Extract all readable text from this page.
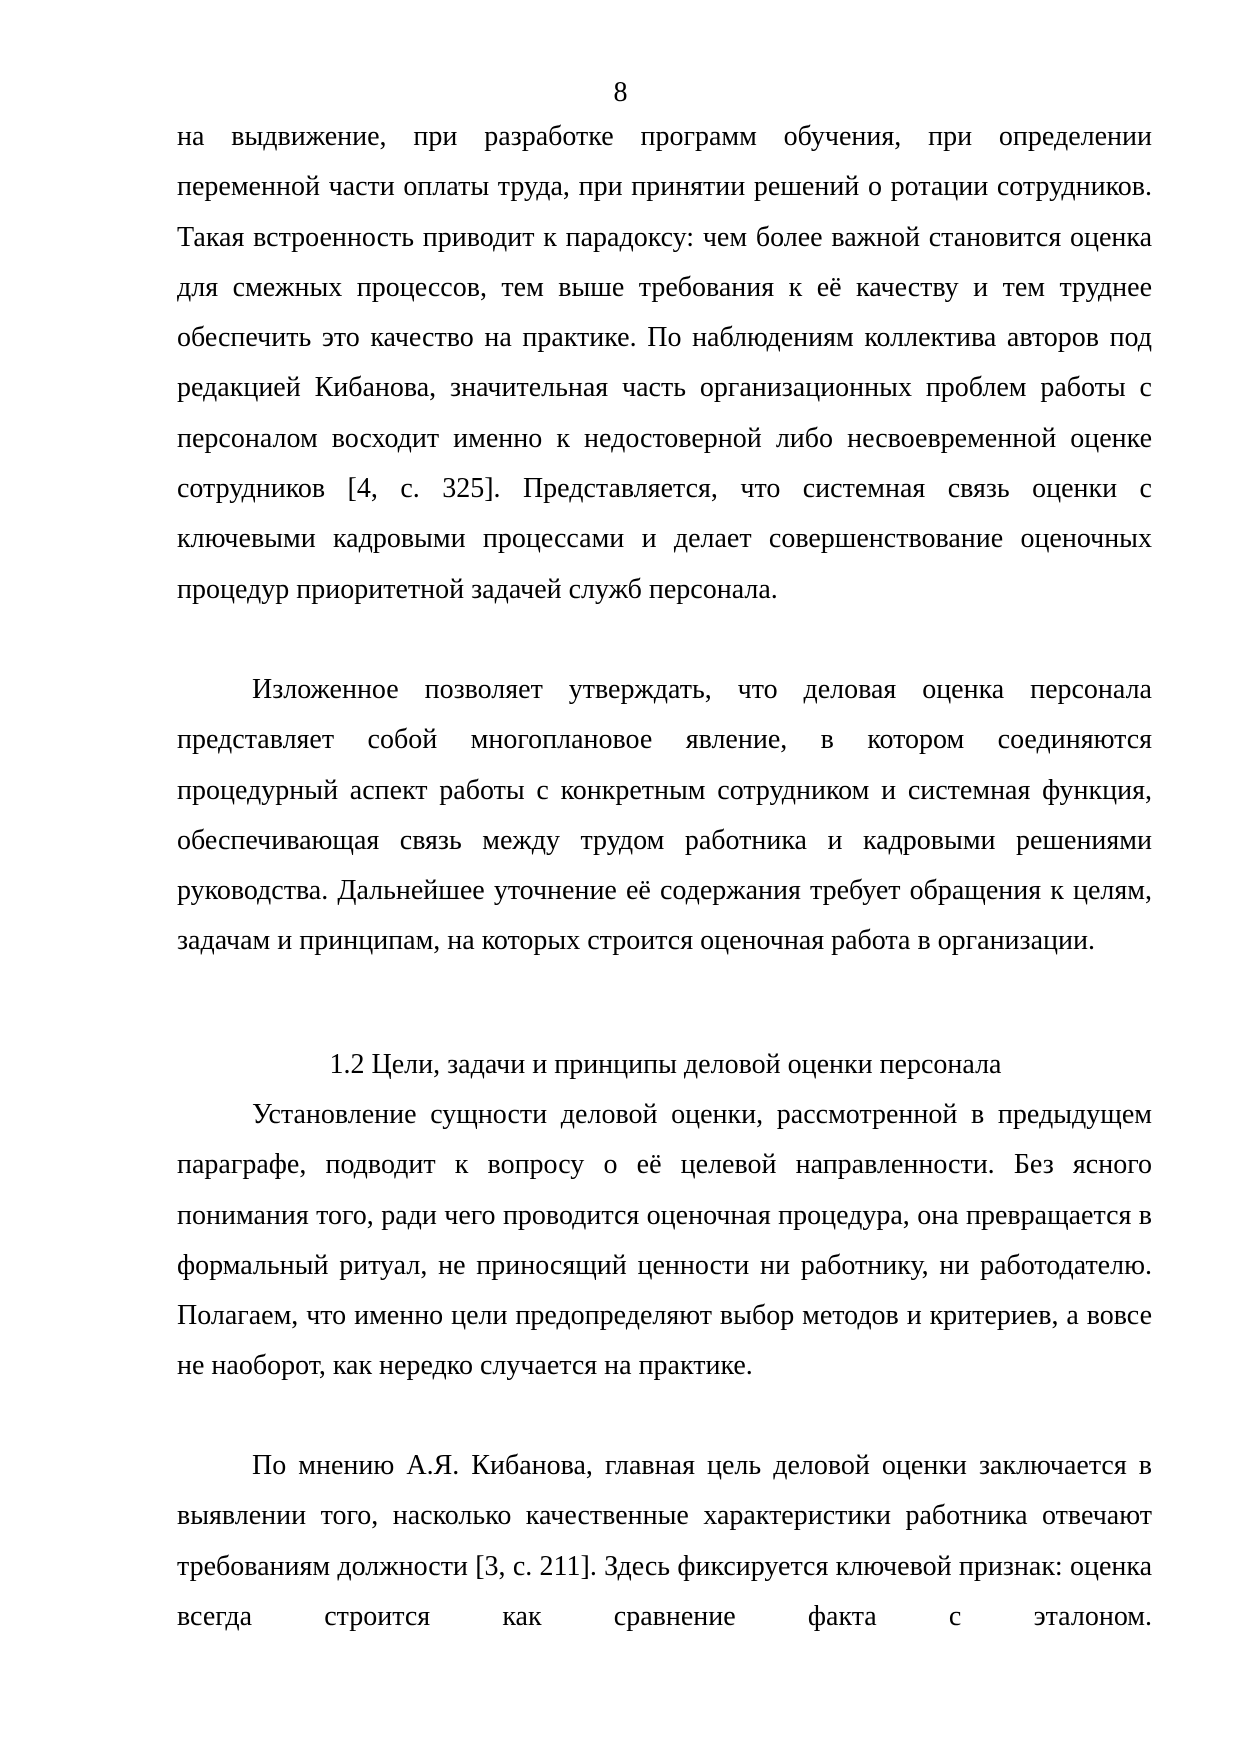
8

на выдвижение, при разработке программ обучения, при определении переменной части оплаты труда, при принятии решений о ротации сотрудников. Такая встроенность приводит к парадоксу: чем более важной становится оценка для смежных процессов, тем выше требования к её качеству и тем труднее обеспечить это качество на практике. По наблюдениям коллектива авторов под редакцией Кибанова, значительная часть организационных проблем работы с персоналом восходит именно к недостоверной либо несвоевременной оценке сотрудников [4, с. 325]. Представляется, что системная связь оценки с ключевыми кадровыми процессами и делает совершенствование оценочных процедур приоритетной задачей служб персонала.

Изложенное позволяет утверждать, что деловая оценка персонала представляет собой многоплановое явление, в котором соединяются процедурный аспект работы с конкретным сотрудником и системная функция, обеспечивающая связь между трудом работника и кадровыми решениями руководства. Дальнейшее уточнение её содержания требует обращения к целям, задачам и принципам, на которых строится оценочная работа в организации.

1.2 Цели, задачи и принципы деловой оценки персонала

Установление сущности деловой оценки, рассмотренной в предыдущем параграфе, подводит к вопросу о её целевой направленности. Без ясного понимания того, ради чего проводится оценочная процедура, она превращается в формальный ритуал, не приносящий ценности ни работнику, ни работодателю. Полагаем, что именно цели предопределяют выбор методов и критериев, а вовсе не наоборот, как нередко случается на практике.

По мнению А.Я. Кибанова, главная цель деловой оценки заключается в выявлении того, насколько качественные характеристики работника отвечают требованиям должности [3, с. 211]. Здесь фиксируется ключевой признак: оценка всегда строится как сравнение факта с эталоном.
